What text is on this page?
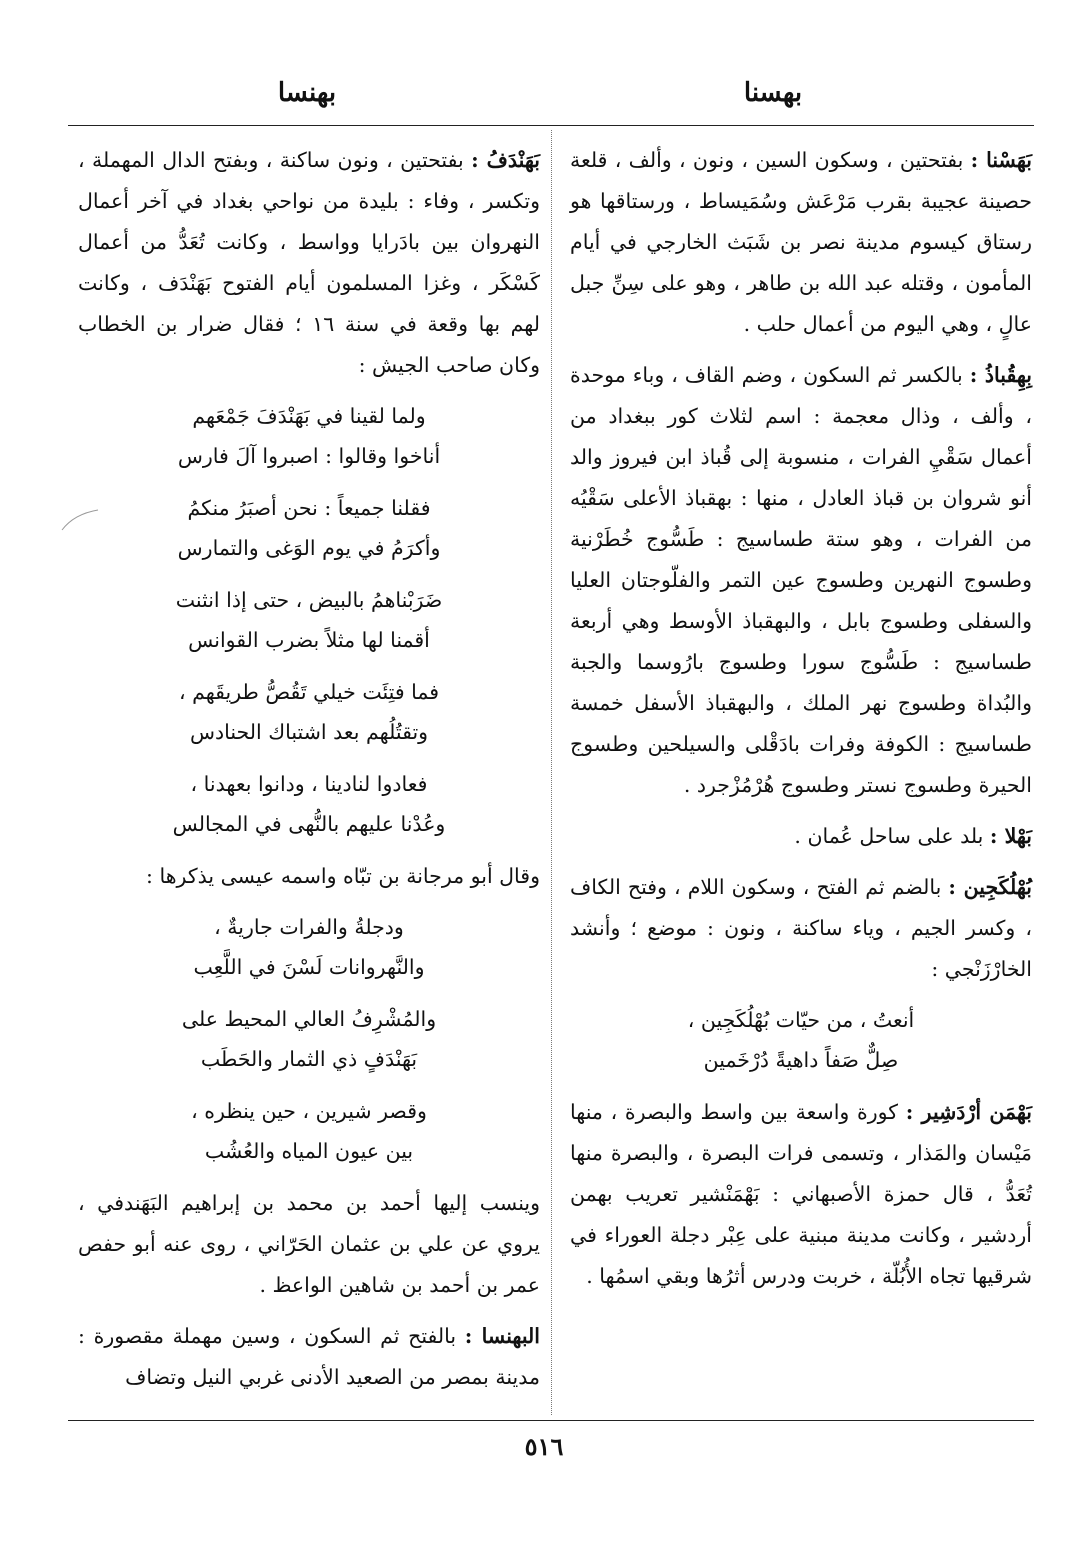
بهسنا
بهنسا

بَهَسْنا : بفتحتين ، وسكون السين ، ونون ، وألف ، قلعة حصينة عجيبة بقرب مَرْعَش وسُمَيساط ، ورستاقها هو رستاق كيسوم مدينة نصر بن شَبَث الخارجي في أيام المأمون ، وقتله عبد الله بن طاهر ، وهو على سِنِّ جبل عالٍ ، وهي اليوم من أعمال حلب .

بِهِقُباذُ : بالكسر ثم السكون ، وضم القاف ، وباء موحدة ، وألف ، وذال معجمة : اسم لثلاث كور ببغداد من أعمال سَقْيِ الفرات ، منسوبة إلى قُباذ ابن فيروز والد أنو شروان بن قباذ العادل ، منها : بهقباذ الأعلى سَقْيُه من الفرات ، وهو ستة طساسيج : طَسُّوج خُطَرْنية وطسوج النهرين وطسوج عين التمر والفلّوجتان العليا والسفلى وطسوج بابل ، والبهقباذ الأوسط وهي أربعة طساسيج : طَسُّوج سورا وطسوج بارُوسما والجبة والبُداة وطسوج نهر الملك ، والبهقباذ الأسفل خمسة طساسيج : الكوفة وفرات بادَقْلى والسيلحين وطسوج الحيرة وطسوج نستر وطسوج هُرْمُزْجرد .

بَهْلا : بلد على ساحل عُمان .

بُهْلُكَجِين : بالضم ثم الفتح ، وسكون اللام ، وفتح الكاف ، وكسر الجيم ، وياء ساكنة ، ونون : موضع ؛ وأنشد الخارْزَنْجي :

أنعتُ ، من حيّات بُهْلُكَجِين ،
صِلٌّ صَفاً داهيةً دُرْخَمين

بَهْمَن أرْدَشِير : كورة واسعة بين واسط والبصرة ، منها مَيْسان والمَذار ، وتسمى فرات البصرة ، والبصرة منها تُعَدُّ ، قال حمزة الأصبهاني : بَهْمَنْشير تعريب بهمن أردشير ، وكانت مدينة مبنية على عِبْر دجلة العوراء في شرقيها تجاه الأُبُلّة ، خربت ودرس أثرُها وبقي اسمُها .

بَهَنْدَفُ : بفتحتين ، ونون ساكنة ، وبفتح الدال المهملة ، وتكسر ، وفاء : بليدة من نواحي بغداد في آخر أعمال النهروان بين بادَرايا وواسط ، وكانت تُعَدُّ من أعمال كَسْكَر ، وغزا المسلمون أيام الفتوح بَهَنْدَف ، وكانت لهم بها وقعة في سنة ١٦ ؛ فقال ضرار بن الخطاب وكان صاحب الجيش :

ولما لقينا في بَهَنْدَفَ جَمْعَهم
أناخوا وقالوا : اصبروا آلَ فارس
فقلنا جميعاً : نحن أصبَرُ منكمُ
وأكرَمُ في يوم الوَغى والتمارس
ضَرَبْناهمُ بالبيض ، حتى إذا انثنت
أقمنا لها مثلاً بضرب القوانس
فما فتِئَت خيلي تَقُصُّ طريقَهم ،
وتقتُلُهم بعد اشتباك الحنادس
فعادوا لنادينا ، ودانوا بعهدنا ،
وعُدْنا عليهم بالنُّهى في المجالس

وقال أبو مرجانة بن تبّاه واسمه عيسى يذكرها :

ودجلةُ والفرات جاريةٌ ،
والنَّهروانات لَسْنَ في اللَّعِب
والمُشْرِفُ العالي المحيط على
بَهَنْدَفٍ ذي الثمار والحَطَب
وقصر شيرين ، حين ينظره ،
بين عيون المياه والعُشُب

وينسب إليها أحمد بن محمد بن إبراهيم البَهَندفي ، يروي عن علي بن عثمان الحَرّاني ، روى عنه أبو حفص عمر بن أحمد بن شاهين الواعظ .

البهنسا : بالفتح ثم السكون ، وسين مهملة مقصورة : مدينة بمصر من الصعيد الأدنى غربي النيل وتضاف

٥١٦
